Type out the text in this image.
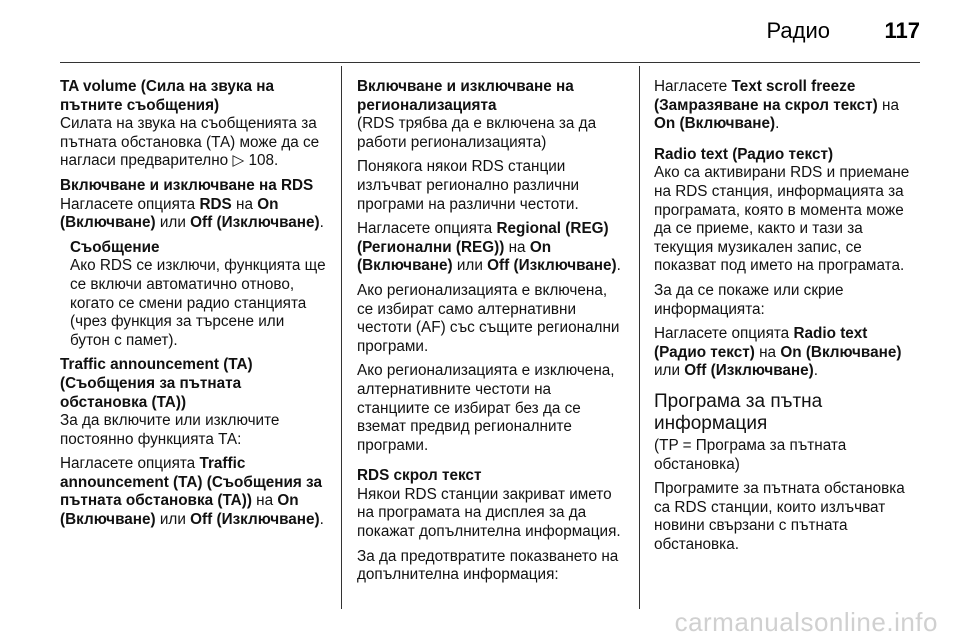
Радио 117

TA volume (Сила на звука на пътните съобщения)

Силата на звука на съобщенията за пътната обстановка (ТА) може да се нагласи предварително ▷ 108.

Включване и изключване на RDS

Нагласете опцията RDS на On (Включване) или Off (Изключване).

Съобщение

Ако RDS се изключи, функцията ще се включи автоматично отново, когато се смени радио станцията (чрез функция за търсене или бутон с памет).

Traffic announcement (TA) (Съобщения за пътната обстановка (TA))

За да включите или изключите постоянно функцията ТА:

Нагласете опцията Traffic announcement (TA) (Съобщения за пътната обстановка (TA)) на On (Включване) или Off (Изключване).

Включване и изключване на регионализацията

(RDS трябва да е включена за да работи регионализацията)

Понякога някои RDS станции излъчват регионално различни програми на различни честоти.

Нагласете опцията Regional (REG) (Регионални (REG)) на On (Включване) или Off (Изключване).

Ако регионализацията е включена, се избират само алтернативни честоти (AF) със същите регионални програми.

Ако регионализацията е изключена, алтернативните честоти на станциите се избират без да се вземат предвид регионалните програми.

RDS скрол текст

Някои RDS станции закриват името на програмата на дисплея за да покажат допълнителна информация.

За да предотвратите показването на допълнителна информация:

Нагласете Text scroll freeze (Замразяване на скрол текст) на On (Включване).

Radio text (Радио текст)

Ако са активирани RDS и приемане на RDS станция, информацията за програмата, която в момента може да се приеме, както и тази за текущия музикален запис, се показват под името на програмата.

За да се покаже или скрие информацията:

Нагласете опцията Radio text (Радио текст) на On (Включване) или Off (Изключване).

Програма за пътна информация

(TP = Програма за пътната обстановка)

Програмите за пътната обстановка са RDS станции, които излъчват новини свързани с пътната обстановка.

carmanualsonline.info
